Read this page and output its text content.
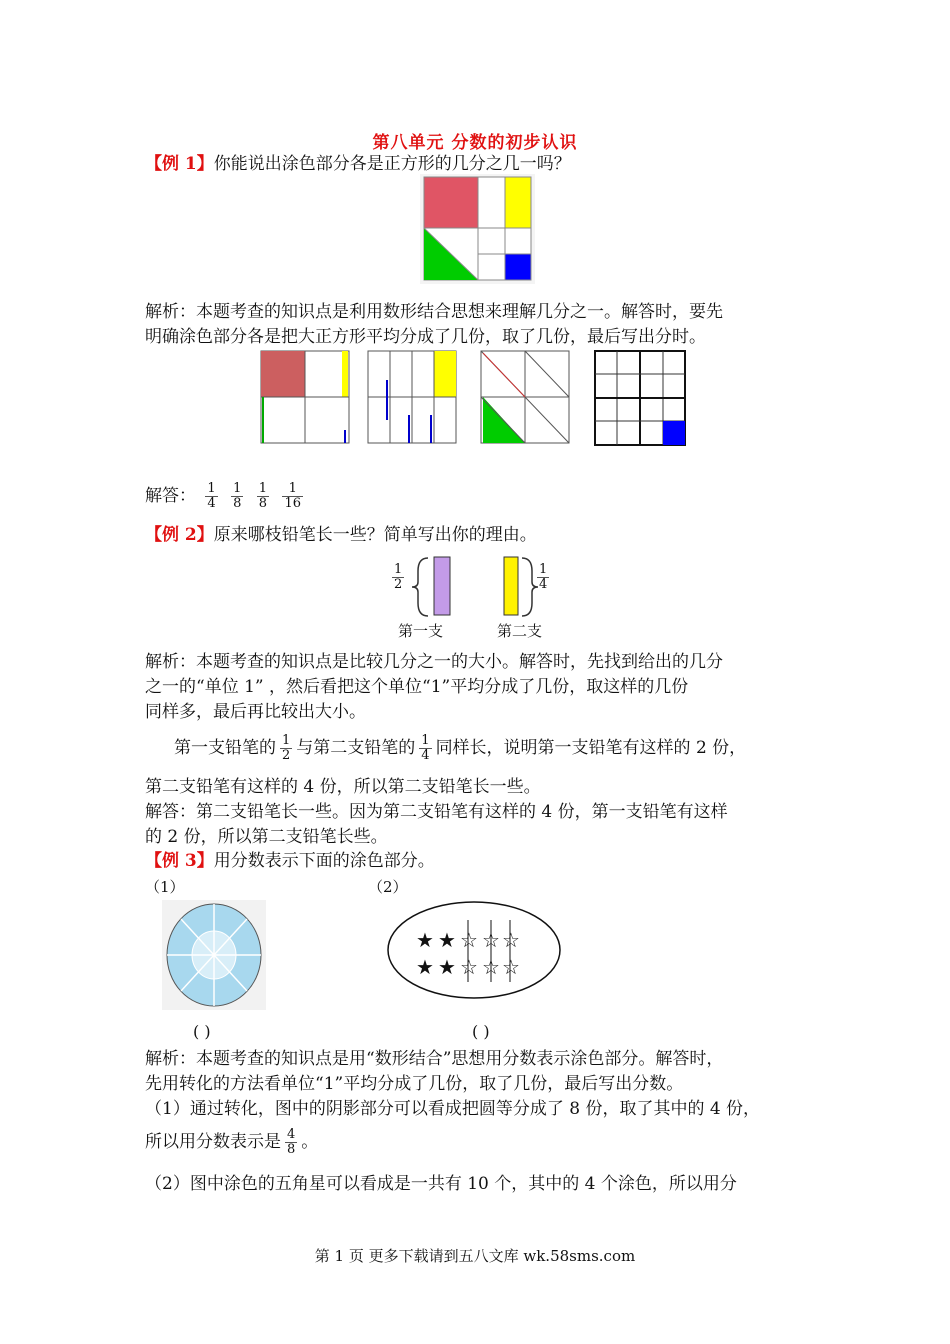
第八单元 分数的初步认识
【例 1】你能说出涂色部分各是正方形的几分之几一吗？
解析：本题考查的知识点是利用数形结合思想来理解几分之一。解答时，要先
明确涂色部分各是把大正方形平均分成了几份，取了几份，最后写出分时。
解答： $\frac{1}{4}$
$\frac{1}{8}$
$\frac{1}{8}$
$\frac{1}{16}$
【例 2】原来哪枝铅笔长一些？简单写出你的理由。
$\frac{1}{2}$
第一支
$\frac{1}{4}$
第二支
解析：本题考查的知识点是比较几分之一的大小。解答时，先找到给出的几分
之一的“单位 1” ，然后看把这个单位“1”平均分成了几份，取这样的几份
同样多，最后再比较出大小。
第一支铅笔的 $\frac{1}{2}$ 与第二支铅笔的 $\frac{1}{4}$ 同样长，说明第一支铅笔有这样的 2 份，
第二支铅笔有这样的 4 份，所以第二支铅笔长一些。
解答：第二支铅笔长一些。因为第二支铅笔有这样的 4 份，第一支铅笔有这样
的 2 份，所以第二支铅笔长些。
【例 3】用分数表示下面的涂色部分。
（1）	（2）
★ ★ ☆ ☆ ☆
★ ★ ☆ ☆ ☆
( )	( )
解析：本题考查的知识点是用“数形结合”思想用分数表示涂色部分。解答时，
先用转化的方法看单位“1”平均分成了几份，取了几份，最后写出分数。
（1）通过转化，图中的阴影部分可以看成把圆等分成了 8 份，取了其中的 4 份，
所以用分数表示是 $\frac{4}{8}$ 。
（2）图中涂色的五角星可以看成是一共有 10 个，其中的 4 个涂色，所以用分
第 1 页 更多下载请到五八文库 wk.58sms.com
